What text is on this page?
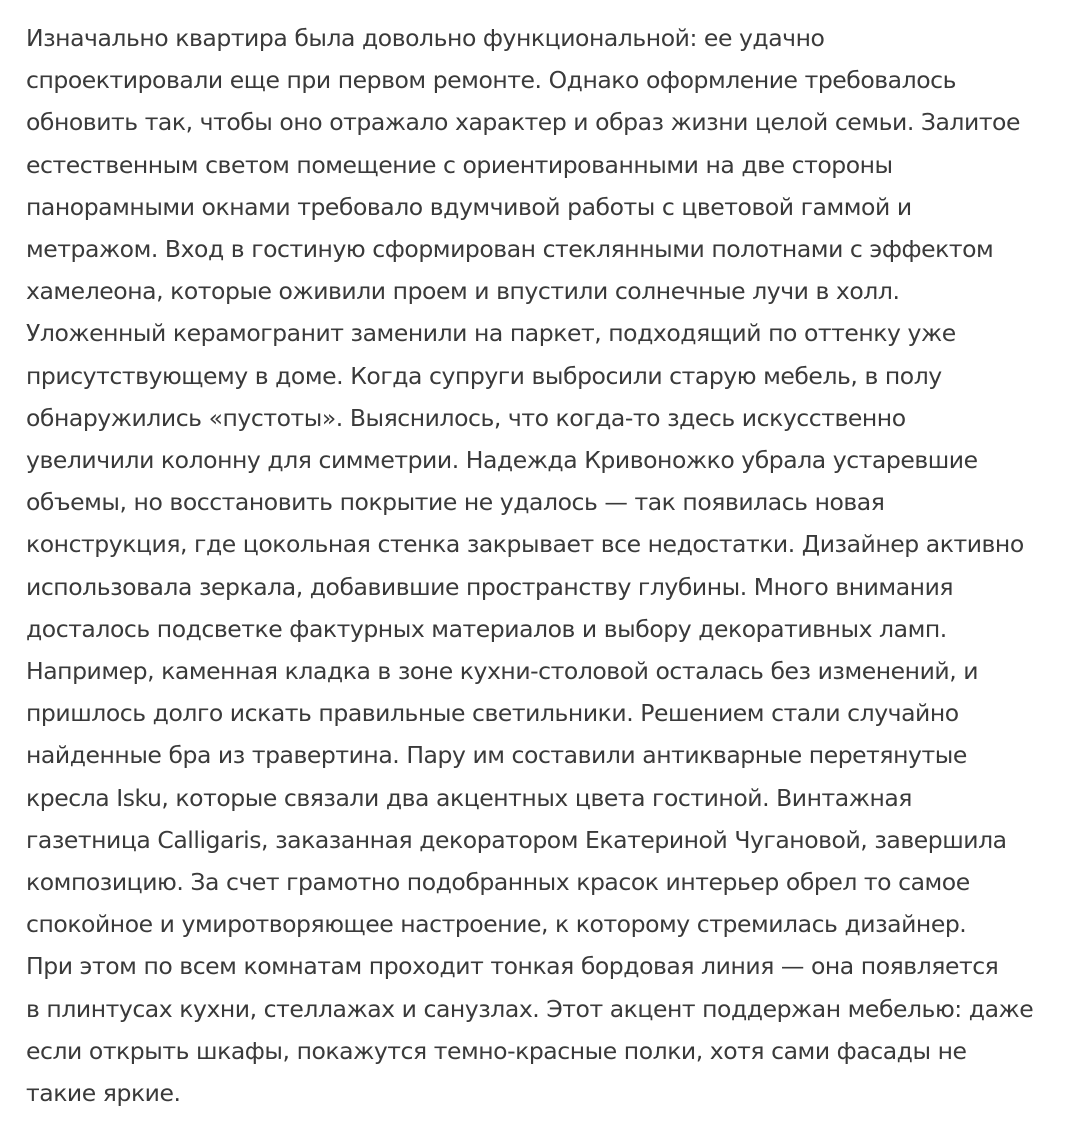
Изначально квартира была довольно функциональной: ее удачно
спроектировали еще при первом ремонте. Однако оформление требовалось
обновить так, чтобы оно отражало характер и образ жизни целой семьи. Залитое
естественным светом помещение с ориентированными на две стороны
панорамными окнами требовало вдумчивой работы с цветовой гаммой и
метражом. Вход в гостиную сформирован стеклянными полотнами с эффектом
хамелеона, которые оживили проем и впустили солнечные лучи в холл.
Уложенный керамогранит заменили на паркет, подходящий по оттенку уже
присутствующему в доме. Когда супруги выбросили старую мебель, в полу
обнаружились «пустоты». Выяснилось, что когда-то здесь искусственно
увеличили колонну для симметрии. Надежда Кривоножко убрала устаревшие
объемы, но восстановить покрытие не удалось — так появилась новая
конструкция, где цокольная стенка закрывает все недостатки. Дизайнер активно
использовала зеркала, добавившие пространству глубины. Много внимания
досталось подсветке фактурных материалов и выбору декоративных ламп.
Например, каменная кладка в зоне кухни-столовой осталась без изменений, и
пришлось долго искать правильные светильники. Решением стали случайно
найденные бра из травертина. Пару им составили антикварные перетянутые
кресла Isku, которые связали два акцентных цвета гостиной. Винтажная
газетница Calligaris, заказанная декоратором Екатериной Чугановой, завершила
композицию. За счет грамотно подобранных красок интерьер обрел то самое
спокойное и умиротворяющее настроение, к которому стремилась дизайнер.
При этом по всем комнатам проходит тонкая бордовая линия — она появляется
в плинтусах кухни, стеллажах и санузлах. Этот акцент поддержан мебелью: даже
если открыть шкафы, покажутся темно-красные полки, хотя сами фасады не
такие яркие.
